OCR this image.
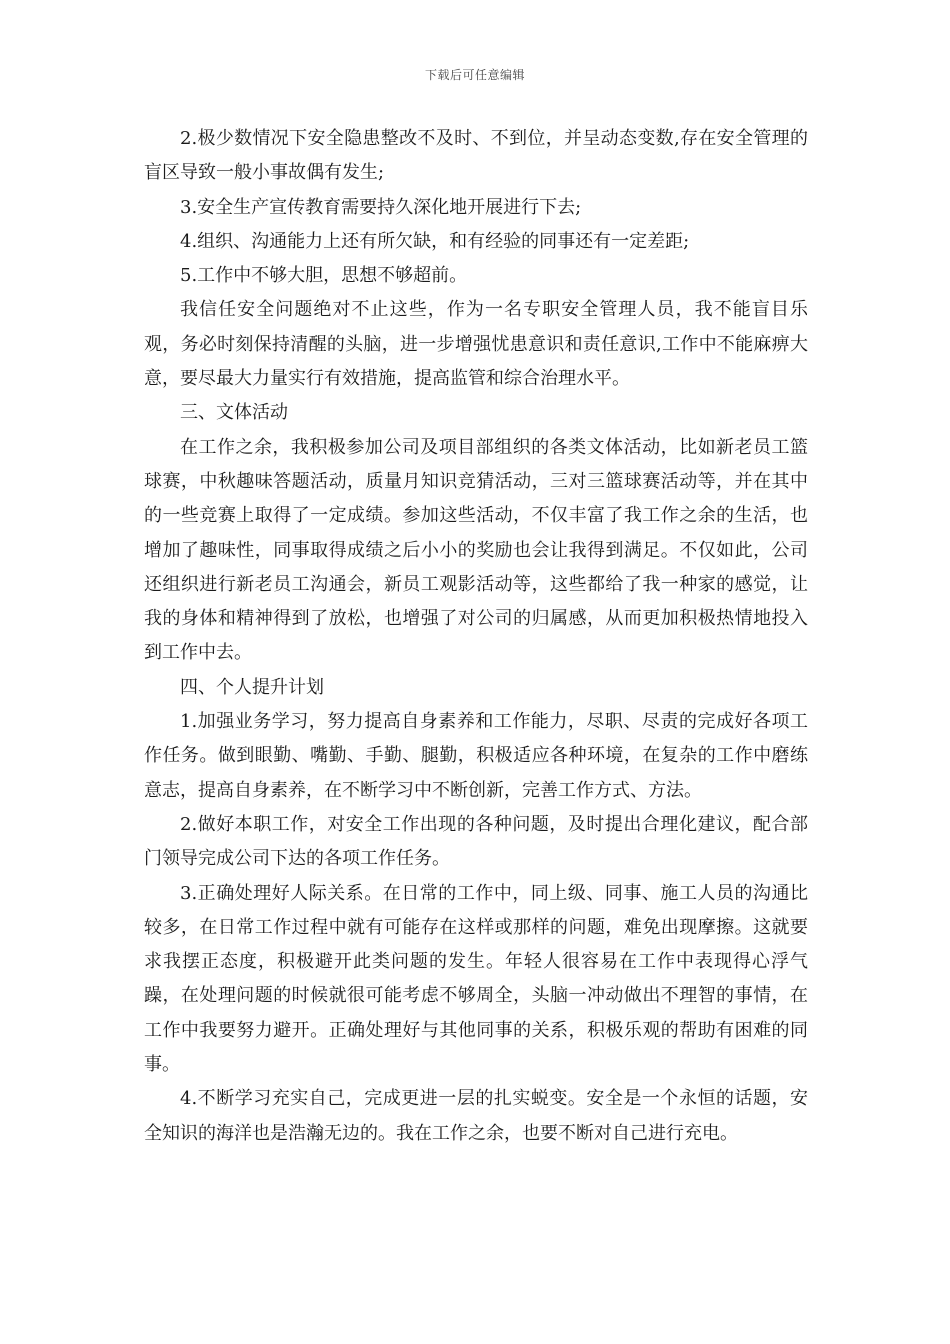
下载后可任意编辑

2.极少数情况下安全隐患整改不及时、不到位，并呈动态变数,存在安全管理的盲区导致一般小事故偶有发生;

3.安全生产宣传教育需要持久深化地开展进行下去;

4.组织、沟通能力上还有所欠缺，和有经验的同事还有一定差距;

5.工作中不够大胆，思想不够超前。

我信任安全问题绝对不止这些，作为一名专职安全管理人员，我不能盲目乐观，务必时刻保持清醒的头脑，进一步增强忧患意识和责任意识,工作中不能麻痹大意，要尽最大力量实行有效措施，提高监管和综合治理水平。

三、文体活动

在工作之余，我积极参加公司及项目部组织的各类文体活动，比如新老员工篮球赛，中秋趣味答题活动，质量月知识竞猜活动，三对三篮球赛活动等，并在其中的一些竞赛上取得了一定成绩。参加这些活动，不仅丰富了我工作之余的生活，也增加了趣味性，同事取得成绩之后小小的奖励也会让我得到满足。不仅如此，公司还组织进行新老员工沟通会，新员工观影活动等，这些都给了我一种家的感觉，让我的身体和精神得到了放松，也增强了对公司的归属感，从而更加积极热情地投入到工作中去。

四、个人提升计划

1.加强业务学习，努力提高自身素养和工作能力，尽职、尽责的完成好各项工作任务。做到眼勤、嘴勤、手勤、腿勤，积极适应各种环境，在复杂的工作中磨练意志，提高自身素养，在不断学习中不断创新，完善工作方式、方法。

2.做好本职工作，对安全工作出现的各种问题，及时提出合理化建议，配合部门领导完成公司下达的各项工作任务。

3.正确处理好人际关系。在日常的工作中，同上级、同事、施工人员的沟通比较多，在日常工作过程中就有可能存在这样或那样的问题，难免出现摩擦。这就要求我摆正态度，积极避开此类问题的发生。年轻人很容易在工作中表现得心浮气躁，在处理问题的时候就很可能考虑不够周全，头脑一冲动做出不理智的事情，在工作中我要努力避开。正确处理好与其他同事的关系，积极乐观的帮助有困难的同事。

4.不断学习充实自己，完成更进一层的扎实蜕变。安全是一个永恒的话题，安全知识的海洋也是浩瀚无边的。我在工作之余，也要不断对自己进行充电。
